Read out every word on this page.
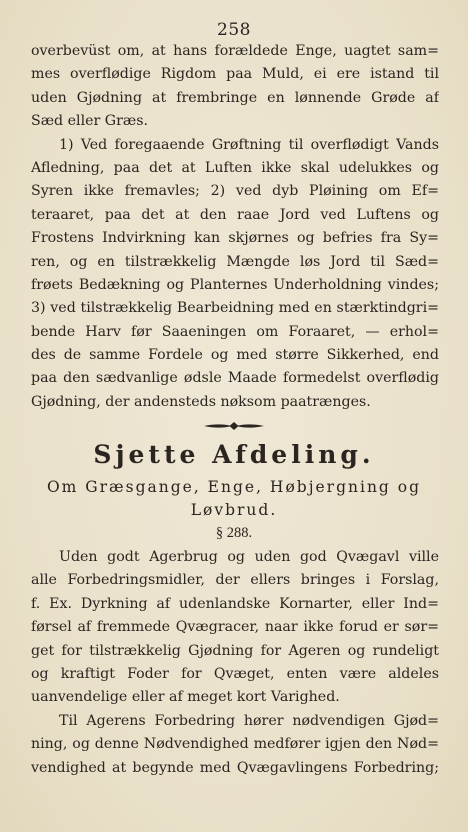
258
overbevüst om, at hans forældede Enge, uagtet sam=
mes overflødige Rigdom paa Muld, ei ere istand til
uden Gjødning at frembringe en lønnende Grøde af
Sæd eller Græs.
1) Ved foregaaende Grøftning til overflødigt Vands
Afledning, paa det at Luften ikke skal udelukkes og
Syren ikke fremavles; 2) ved dyb Pløining om Ef=
teraaret, paa det at den raae Jord ved Luftens og
Frostens Indvirkning kan skjørnes og befries fra Sy=
ren, og en tilstrækkelig Mængde løs Jord til Sæd=
frøets Bedækning og Planternes Underholdning vindes;
3) ved tilstrækkelig Bearbeidning med en stærktindgri=
bende Harv før Saaeningen om Foraaret, — erhol=
des de samme Fordele og med større Sikkerhed, end
paa den sædvanlige ødsle Maade formedelst overflødig
Gjødning, der andensteds nøksom paatrænges.
Sjette Afdeling.
Om Græsgange, Enge, Høbjergning og
Løvbrud.
§ 288.
Uden godt Agerbrug og uden god Qvægavl ville
alle Forbedringsmidler, der ellers bringes i Forslag,
f. Ex. Dyrkning af udenlandske Kornarter, eller Ind=
førsel af fremmede Qvægracer, naar ikke forud er sør=
get for tilstrækkelig Gjødning for Ageren og rundeligt
og kraftigt Foder for Qvæget, enten være aldeles
uanvendelige eller af meget kort Varighed.
Til Agerens Forbedring hører nødvendigen Gjød=
ning, og denne Nødvendighed medfører igjen den Nød=
vendighed at begynde med Qvægavlingens Forbedring;
